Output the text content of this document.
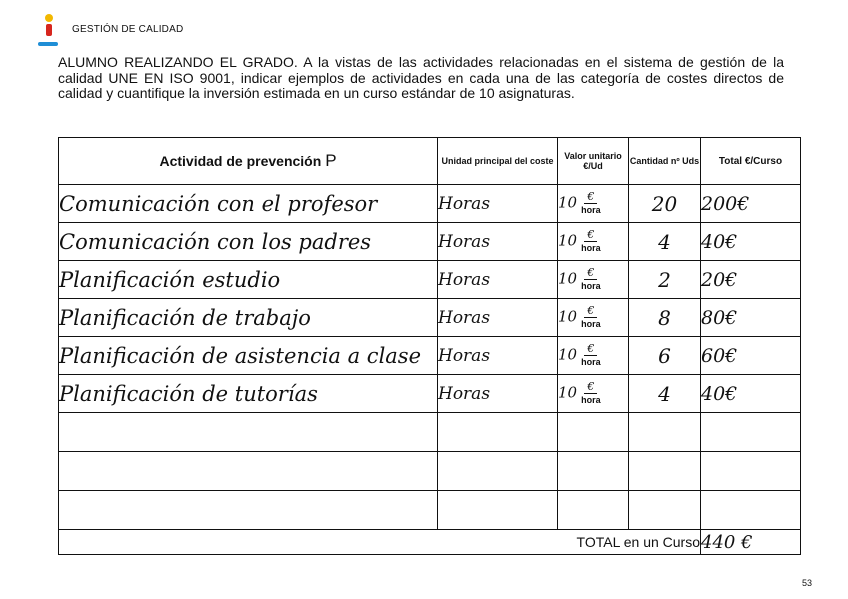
GESTIÓN DE CALIDAD

ALUMNO REALIZANDO EL GRADO. A la vistas de las actividades relacionadas en el sistema de gestión de la calidad UNE EN ISO 9001, indicar ejemplos de actividades en cada una de las categoría de costes directos de calidad y cuantifique la inversión estimada en un curso estándar de 10 asignaturas.

Actividad de prevención P	Unidad principal del coste	Valor unitario €/Ud	Cantidad nº Uds	Total €/Curso
Comunicación con el profesor	Horas	$10 \frac{€}{\text{hora}}$	20	200€
Comunicación con los padres	Horas	$10 \frac{€}{\text{hora}}$	4	40€
Planificación estudio	Horas	$10 \frac{€}{\text{hora}}$	2	20€
Planificación de trabajo	Horas	$10 \frac{€}{\text{hora}}$	8	80€
Planificación de asistencia a clase	Horas	$10 \frac{€}{\text{hora}}$	6	60€
Planificación de tutorías	Horas	$10 \frac{€}{\text{hora}}$	4	40€

TOTAL en un Curso				440 €
53
